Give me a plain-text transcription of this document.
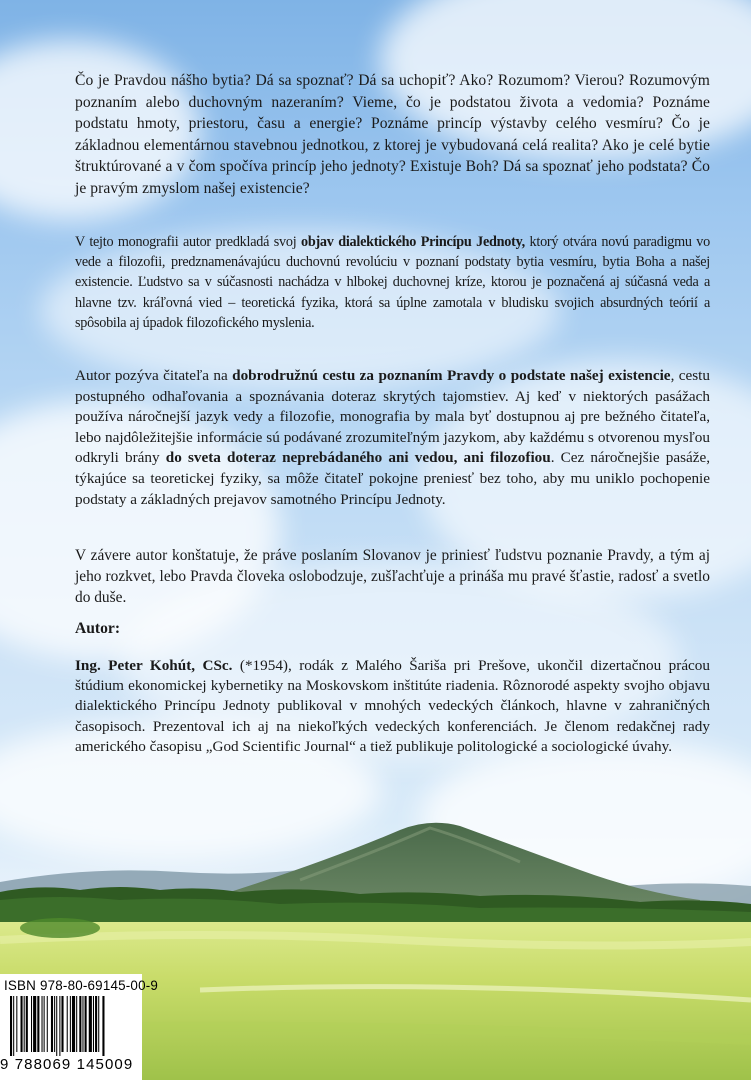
Čo je Pravdou nášho bytia? Dá sa spoznať? Dá sa uchopiť? Ako? Rozumom? Vierou? Rozumovým poznaním alebo duchovným nazeraním? Vieme, čo je podstatou života a vedomia? Poznáme podstatu hmoty, priestoru, času a energie? Poznáme princíp výstavby celého vesmíru? Čo je základnou elementárnou stavebnou jednotkou, z ktorej je vybudovaná celá realita? Ako je celé bytie štruktúrované a v čom spočíva princíp jeho jednoty? Existuje Boh? Dá sa spoznať jeho podstata? Čo je pravým zmyslom našej existencie?

V tejto monografii autor predkladá svoj objav dialektického Princípu Jednoty, ktorý otvára novú paradigmu vo vede a filozofii, predznamenávajúcu duchovnú revolúciu v poznaní podstaty bytia vesmíru, bytia Boha a našej existencie. Ľudstvo sa v súčasnosti nachádza v hlbokej duchovnej kríze, ktorou je poznačená aj súčasná veda a hlavne tzv. kráľovná vied – teoretická fyzika, ktorá sa úplne zamotala v bludisku svojich absurdných teórií a spôsobila aj úpadok filozofického myslenia.

Autor pozýva čitateľa na dobrodružnú cestu za poznaním Pravdy o podstate našej existencie, cestu postupného odhaľovania a spoznávania doteraz skrytých tajomstiev. Aj keď v niektorých pasážach používa náročnejší jazyk vedy a filozofie, monografia by mala byť dostupnou aj pre bežného čitateľa, lebo najdôležitejšie informácie sú podávané zrozumiteľným jazykom, aby každému s otvorenou mysľou odkryli brány do sveta doteraz neprebádaného ani vedou, ani filozofiou. Cez náročnejšie pasáže, týkajúce sa teoretickej fyziky, sa môže čitateľ pokojne preniesť bez toho, aby mu uniklo pochopenie podstaty a základných prejavov samotného Princípu Jednoty.

V závere autor konštatuje, že práve poslaním Slovanov je priniesť ľudstvu poznanie Pravdy, a tým aj jeho rozkvet, lebo Pravda človeka oslobodzuje, zušľachťuje a prináša mu pravé šťastie, radosť a svetlo do duše.

Autor:

Ing. Peter Kohút, CSc. (*1954), rodák z Malého Šariša pri Prešove, ukončil dizertačnou prácou štúdium ekonomickej kybernetiky na Moskovskom inštitúte riadenia. Rôznorodé aspekty svojho objavu dialektického Princípu Jednoty publikoval v mnohých vedeckých článkoch, hlavne v zahraničných časopisoch. Prezentoval ich aj na niekoľkých vedeckých konferenciách. Je členom redakčnej rady amerického časopisu „God Scientific Journal“ a tiež publikuje politologické a sociologické úvahy.

ISBN 978-80-69145-00-9
9 788069 145009
